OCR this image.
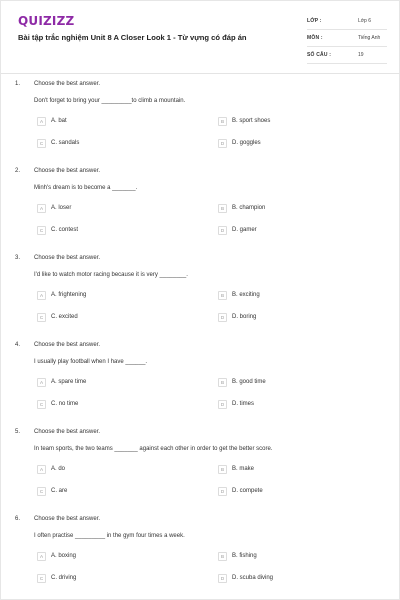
QUIZIZZ
Bài tập trắc nghiệm Unit 8 A Closer Look 1 - Từ vựng có đáp án
LỚP :	Lớp 6
MÔN :	Tiếng Anh
SỐ CÂU :	19
1. Choose the best answer.
Don't forget to bring your _________to climb a mountain.
A	A. bat	B	B. sport shoes
C	C. sandals	D	D. goggles
2. Choose the best answer.
Minh's dream is to become a _______.
A	A. loser	B	B. champion
C	C. contest	D	D. gamer
3. Choose the best answer.
I'd like to watch motor racing because it is very ________.
A	A. frightening	B	B. exciting
C	C. excited	D	D. boring
4. Choose the best answer.
I usually play football when I have ______.
A	A. spare time	B	B. good time
C	C. no time	D	D. times
5. Choose the best answer.
In team sports, the two teams _______ against each other in order to get the better score.
A	A. do	B	B. make
C	C. are	D	D. compete
6. Choose the best answer.
I often practise _________ in the gym four times a week.
A	A. boxing	B	B. fishing
C	C. driving	D	D. scuba diving
